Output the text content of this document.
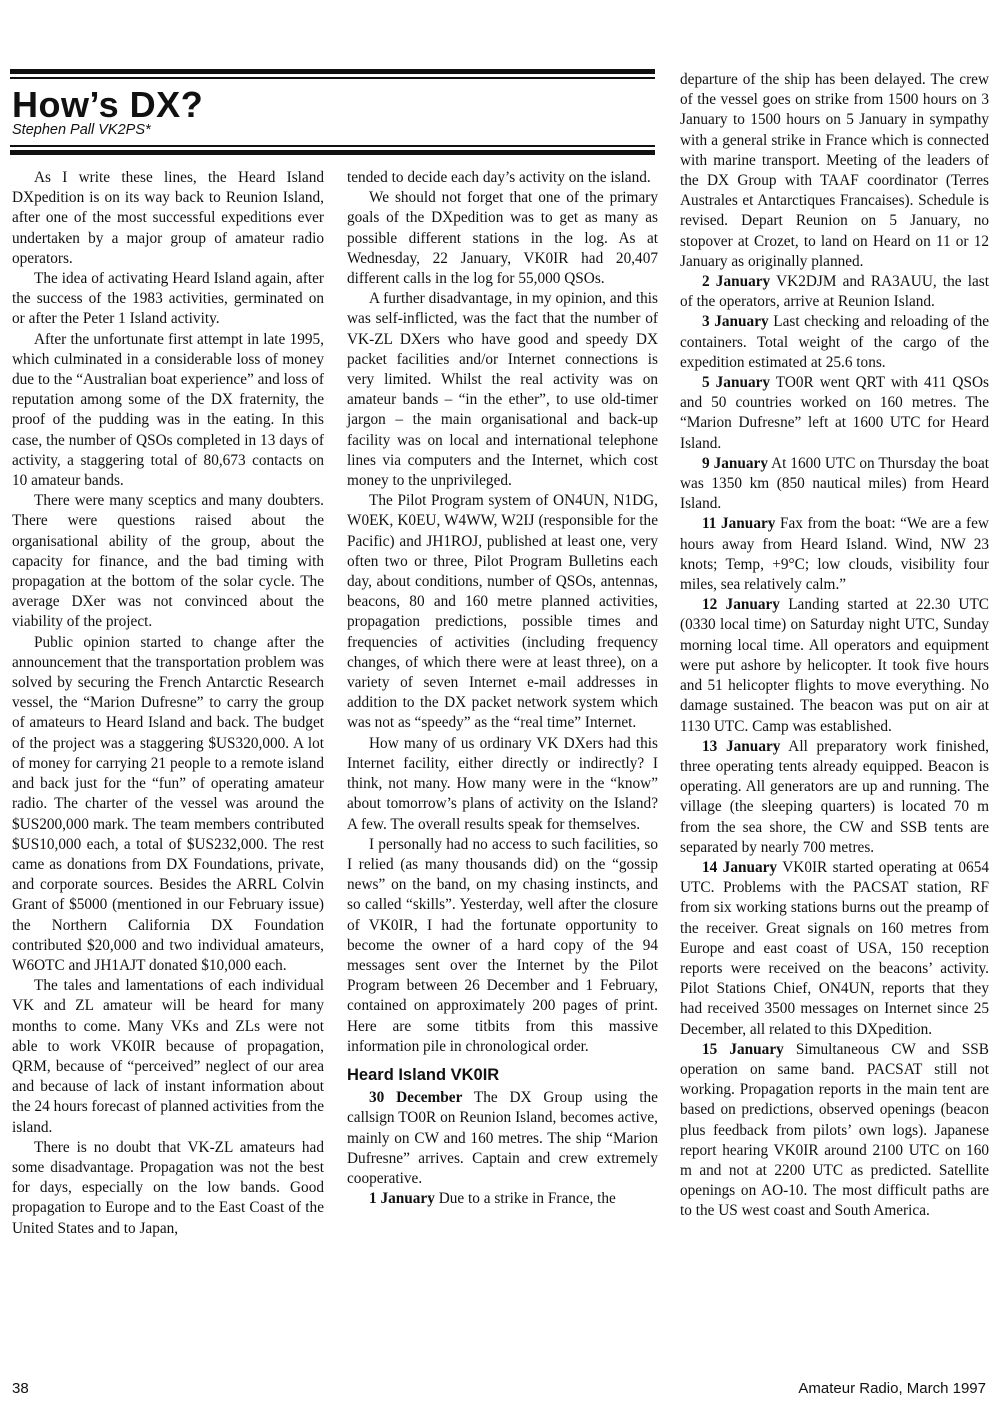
How’s DX?
Stephen Pall VK2PS*

As I write these lines, the Heard Island DXpedition is on its way back to Reunion Island, after one of the most successful expeditions ever undertaken by a major group of amateur radio operators.

The idea of activating Heard Island again, after the success of the 1983 activities, germinated on or after the Peter 1 Island activity.

After the unfortunate first attempt in late 1995, which culminated in a considerable loss of money due to the “Australian boat experience” and loss of reputation among some of the DX fraternity, the proof of the pudding was in the eating. In this case, the number of QSOs completed in 13 days of activity, a staggering total of 80,673 contacts on 10 amateur bands.

There were many sceptics and many doubters. There were questions raised about the organisational ability of the group, about the capacity for finance, and the bad timing with propagation at the bottom of the solar cycle. The average DXer was not convinced about the viability of the project.

Public opinion started to change after the announcement that the transportation problem was solved by securing the French Antarctic Research vessel, the “Marion Dufresne” to carry the group of amateurs to Heard Island and back. The budget of the project was a staggering $US320,000. A lot of money for carrying 21 people to a remote island and back just for the “fun” of operating amateur radio. The charter of the vessel was around the $US200,000 mark. The team members contributed $US10,000 each, a total of $US232,000. The rest came as donations from DX Foundations, private, and corporate sources. Besides the ARRL Colvin Grant of $5000 (mentioned in our February issue) the Northern California DX Foundation contributed $20,000 and two individual amateurs, W6OTC and JH1AJT donated $10,000 each.

The tales and lamentations of each individual VK and ZL amateur will be heard for many months to come. Many VKs and ZLs were not able to work VK0IR because of propagation, QRM, because of “perceived” neglect of our area and because of lack of instant information about the 24 hours forecast of planned activities from the island.

There is no doubt that VK-ZL amateurs had some disadvantage. Propagation was not the best for days, especially on the low bands. Good propagation to Europe and to the East Coast of the United States and to Japan,

tended to decide each day’s activity on the island.

We should not forget that one of the primary goals of the DXpedition was to get as many as possible different stations in the log. As at Wednesday, 22 January, VK0IR had 20,407 different calls in the log for 55,000 QSOs.

A further disadvantage, in my opinion, and this was self-inflicted, was the fact that the number of VK-ZL DXers who have good and speedy DX packet facilities and/or Internet connections is very limited. Whilst the real activity was on amateur bands – “in the ether”, to use old-timer jargon – the main organisational and back-up facility was on local and international telephone lines via computers and the Internet, which cost money to the unprivileged.

The Pilot Program system of ON4UN, N1DG, W0EK, K0EU, W4WW, W2IJ (responsible for the Pacific) and JH1ROJ, published at least one, very often two or three, Pilot Program Bulletins each day, about conditions, number of QSOs, antennas, beacons, 80 and 160 metre planned activities, propagation predictions, possible times and frequencies of activities (including frequency changes, of which there were at least three), on a variety of seven Internet e-mail addresses in addition to the DX packet network system which was not as “speedy” as the “real time” Internet.

How many of us ordinary VK DXers had this Internet facility, either directly or indirectly? I think, not many. How many were in the “know” about tomorrow’s plans of activity on the Island? A few. The overall results speak for themselves.

I personally had no access to such facilities, so I relied (as many thousands did) on the “gossip news” on the band, on my chasing instincts, and so called “skills”. Yesterday, well after the closure of VK0IR, I had the fortunate opportunity to become the owner of a hard copy of the 94 messages sent over the Internet by the Pilot Program between 26 December and 1 February, contained on approximately 200 pages of print. Here are some titbits from this massive information pile in chronological order.

Heard Island VK0IR

30 December The DX Group using the callsign TO0R on Reunion Island, becomes active, mainly on CW and 160 metres. The ship “Marion Dufresne” arrives. Captain and crew extremely cooperative.

1 January Due to a strike in France, the

departure of the ship has been delayed. The crew of the vessel goes on strike from 1500 hours on 3 January to 1500 hours on 5 January in sympathy with a general strike in France which is connected with marine transport. Meeting of the leaders of the DX Group with TAAF coordinator (Terres Australes et Antarctiques Francaises). Schedule is revised. Depart Reunion on 5 January, no stopover at Crozet, to land on Heard on 11 or 12 January as originally planned.

2 January VK2DJM and RA3AUU, the last of the operators, arrive at Reunion Island.

3 January Last checking and reloading of the containers. Total weight of the cargo of the expedition estimated at 25.6 tons.

5 January TO0R went QRT with 411 QSOs and 50 countries worked on 160 metres. The “Marion Dufresne” left at 1600 UTC for Heard Island.

9 January At 1600 UTC on Thursday the boat was 1350 km (850 nautical miles) from Heard Island.

11 January Fax from the boat: “We are a few hours away from Heard Island. Wind, NW 23 knots; Temp, +9°C; low clouds, visibility four miles, sea relatively calm.”

12 January Landing started at 22.30 UTC (0330 local time) on Saturday night UTC, Sunday morning local time. All operators and equipment were put ashore by helicopter. It took five hours and 51 helicopter flights to move everything. No damage sustained. The beacon was put on air at 1130 UTC. Camp was established.

13 January All preparatory work finished, three operating tents already equipped. Beacon is operating. All generators are up and running. The village (the sleeping quarters) is located 70 m from the sea shore, the CW and SSB tents are separated by nearly 700 metres.

14 January VK0IR started operating at 0654 UTC. Problems with the PACSAT station, RF from six working stations burns out the preamp of the receiver. Great signals on 160 metres from Europe and east coast of USA, 150 reception reports were received on the beacons’ activity. Pilot Stations Chief, ON4UN, reports that they had received 3500 messages on Internet since 25 December, all related to this DXpedition.

15 January Simultaneous CW and SSB operation on same band. PACSAT still not working. Propagation reports in the main tent are based on predictions, observed openings (beacon plus feedback from pilots’ own logs). Japanese report hearing VK0IR around 2100 UTC on 160 m and not at 2200 UTC as predicted. Satellite openings on AO-10. The most difficult paths are to the US west coast and South America.

38	Amateur Radio, March 1997
